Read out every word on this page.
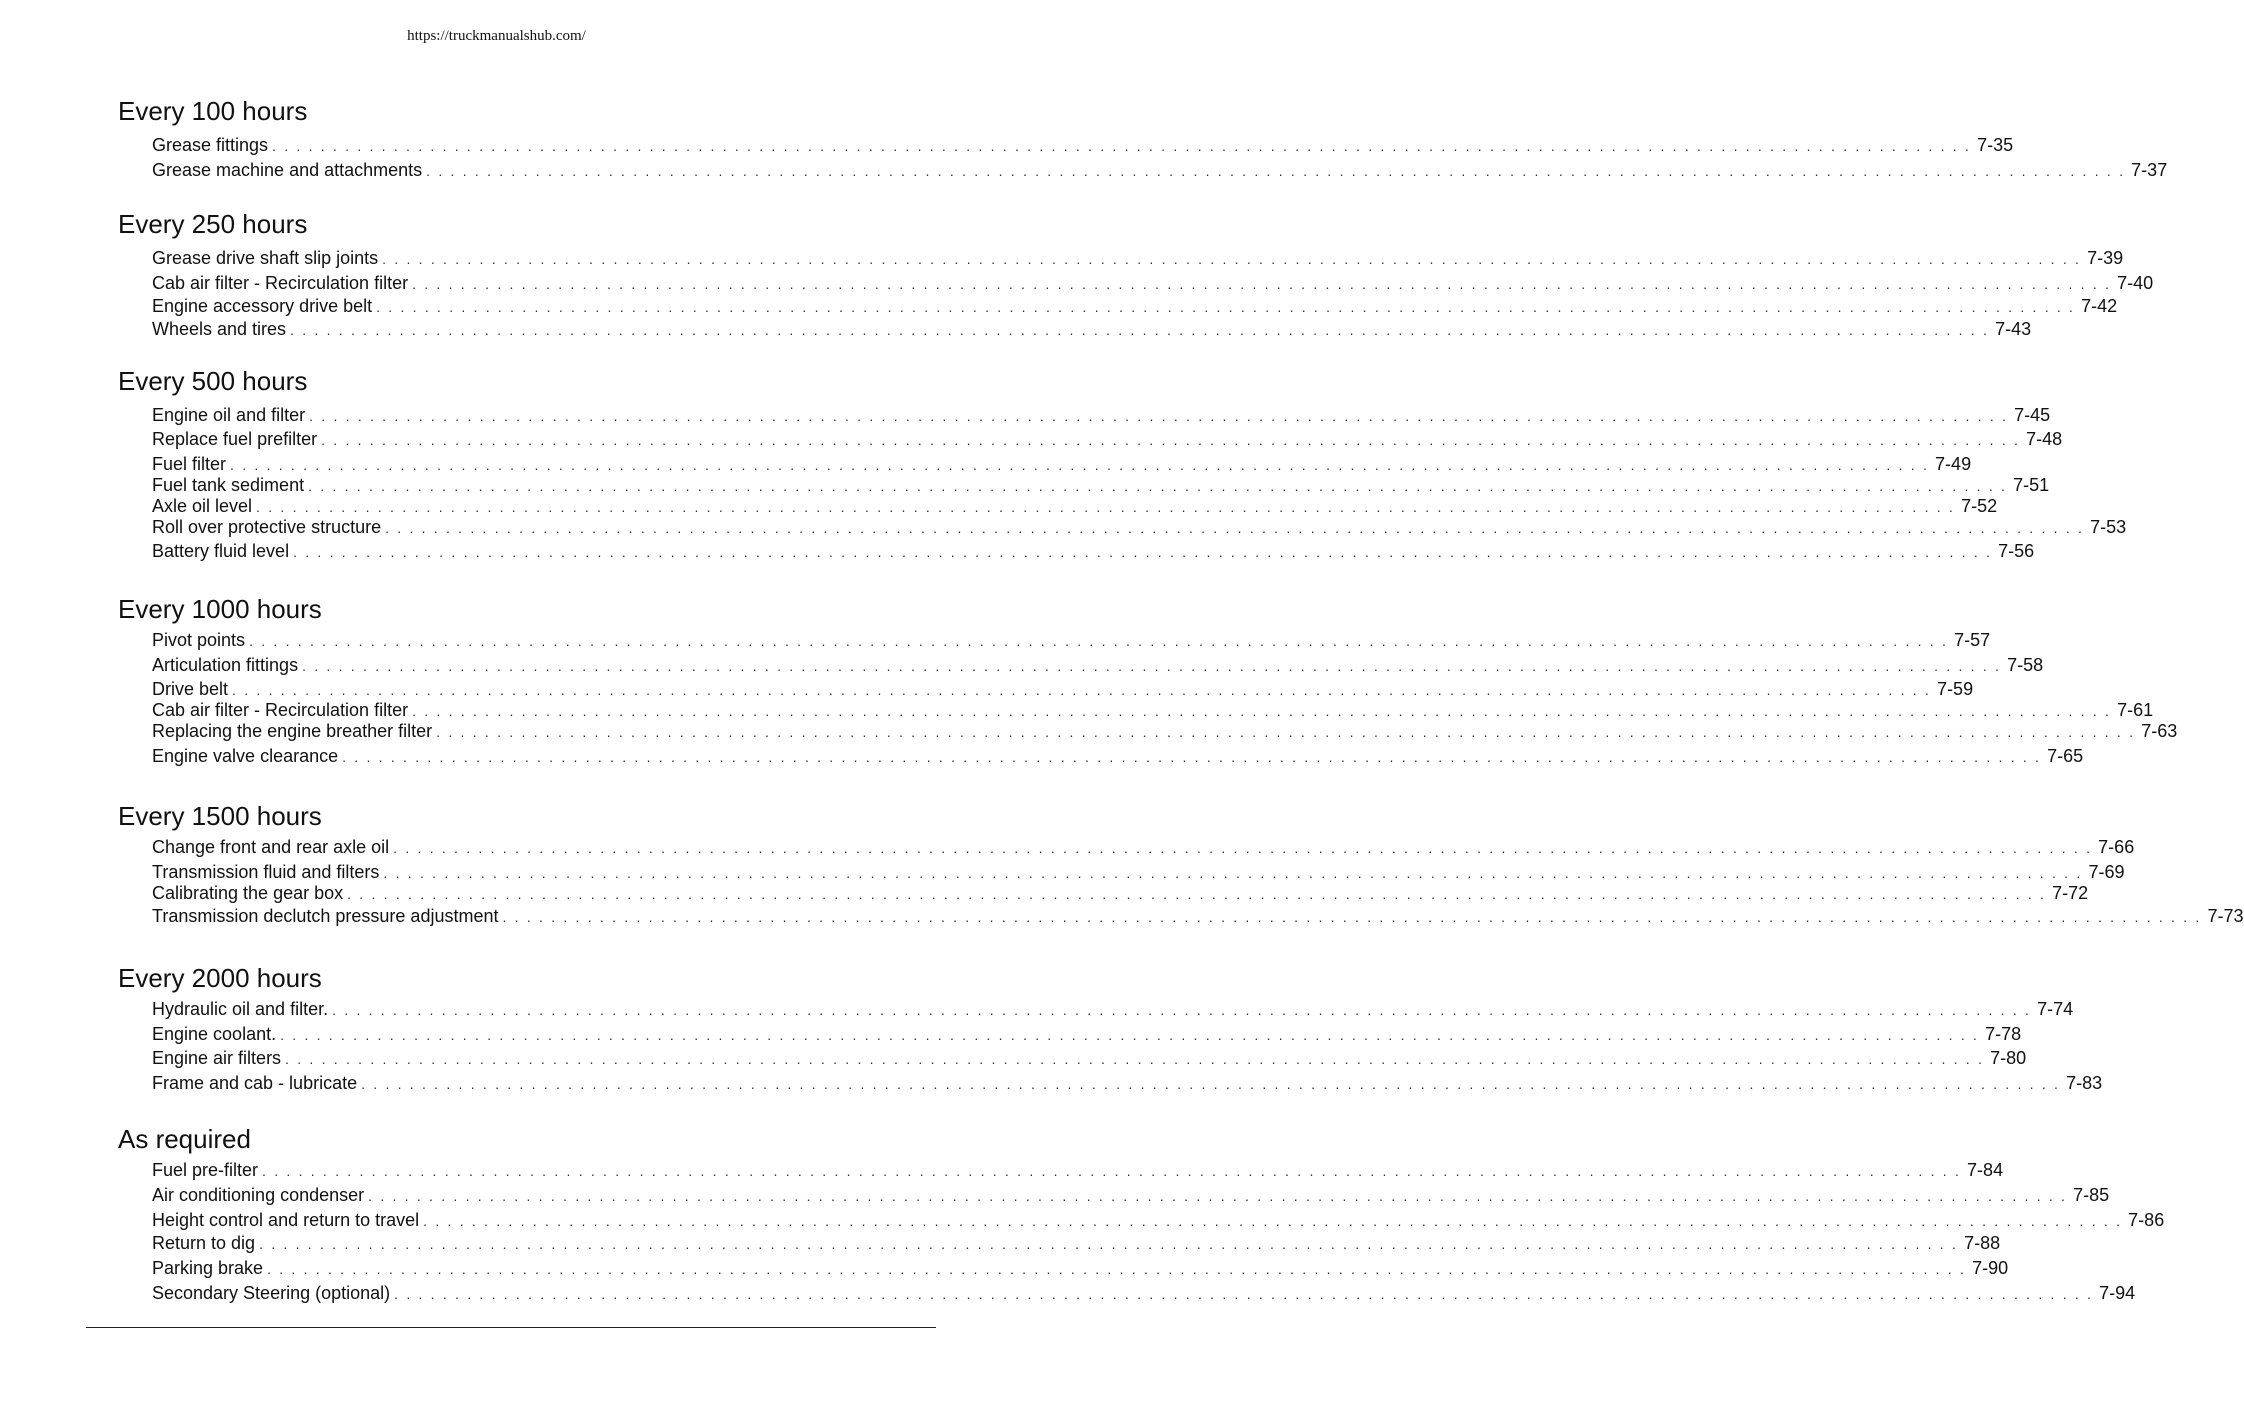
https://truckmanualshub.com/
Every 100 hours
Grease fittings . . . . . . . . . . . . . . . . . . . . . . . . . . . . . . . . . . . . . . . . . . . . . . . . . . . . . . . . . . . . . . . . . . . . . . . . . . . . . . . . . . . . . . . . . . . . . . . . . . . . . . . . . . . . . . . . . . . . . . . . . . . . . . . . . . . . . . . . . . . . 7-35
Grease machine and attachments . . . . . . . . . . . . . . . . . . . . . . . . . . . . . . . . . . . . . . . . . . . . . . . . . . . . . . . . . . . . . . . . . . . . . . . . . . . . . . . . . . . . . . . . . . . . . . . . . . . . . . . . . . . . . . . . . . . . . . . . . . . . . . . . . . . . . . . . . . . . 7-37
Every 250 hours
Grease drive shaft slip joints . . . . . . . . . . . . . . . . . . . . . . . . . . . . . . . . . . . . . . . . . . . . . . . . . . . . . . . . . . . . . . . . . . . . . . . . . . . . . . . . . . . . . . . . . . . . . . . . . . . . . . . . . . . . . . . . . . . . . . . . . . . . . . . . . . . . . . . . . . . . 7-39
Cab air filter - Recirculation filter . . . . . . . . . . . . . . . . . . . . . . . . . . . . . . . . . . . . . . . . . . . . . . . . . . . . . . . . . . . . . . . . . . . . . . . . . . . . . . . . . . . . . . . . . . . . . . . . . . . . . . . . . . . . . . . . . . . . . . . . . . . . . . . . . . . . . . . . . . . . 7-40
Engine accessory drive belt . . . . . . . . . . . . . . . . . . . . . . . . . . . . . . . . . . . . . . . . . . . . . . . . . . . . . . . . . . . . . . . . . . . . . . . . . . . . . . . . . . . . . . . . . . . . . . . . . . . . . . . . . . . . . . . . . . . . . . . . . . . . . . . . . . . . . . . . . . . . 7-42
Wheels and tires . . . . . . . . . . . . . . . . . . . . . . . . . . . . . . . . . . . . . . . . . . . . . . . . . . . . . . . . . . . . . . . . . . . . . . . . . . . . . . . . . . . . . . . . . . . . . . . . . . . . . . . . . . . . . . . . . . . . . . . . . . . . . . . . . . . . . . . . . . . . 7-43
Every 500 hours
Engine oil and filter . . . . . . . . . . . . . . . . . . . . . . . . . . . . . . . . . . . . . . . . . . . . . . . . . . . . . . . . . . . . . . . . . . . . . . . . . . . . . . . . . . . . . . . . . . . . . . . . . . . . . . . . . . . . . . . . . . . . . . . . . . . . . . . . . . . . . . . . . . . . 7-45
Replace fuel prefilter . . . . . . . . . . . . . . . . . . . . . . . . . . . . . . . . . . . . . . . . . . . . . . . . . . . . . . . . . . . . . . . . . . . . . . . . . . . . . . . . . . . . . . . . . . . . . . . . . . . . . . . . . . . . . . . . . . . . . . . . . . . . . . . . . . . . . . . . . . . . 7-48
Fuel filter . . . . . . . . . . . . . . . . . . . . . . . . . . . . . . . . . . . . . . . . . . . . . . . . . . . . . . . . . . . . . . . . . . . . . . . . . . . . . . . . . . . . . . . . . . . . . . . . . . . . . . . . . . . . . . . . . . . . . . . . . . . . . . . . . . . . . . . . . . . . 7-49
Fuel tank sediment . . . . . . . . . . . . . . . . . . . . . . . . . . . . . . . . . . . . . . . . . . . . . . . . . . . . . . . . . . . . . . . . . . . . . . . . . . . . . . . . . . . . . . . . . . . . . . . . . . . . . . . . . . . . . . . . . . . . . . . . . . . . . . . . . . . . . . . . . . . . 7-51
Axle oil level . . . . . . . . . . . . . . . . . . . . . . . . . . . . . . . . . . . . . . . . . . . . . . . . . . . . . . . . . . . . . . . . . . . . . . . . . . . . . . . . . . . . . . . . . . . . . . . . . . . . . . . . . . . . . . . . . . . . . . . . . . . . . . . . . . . . . . . . . . . . 7-52
Roll over protective structure . . . . . . . . . . . . . . . . . . . . . . . . . . . . . . . . . . . . . . . . . . . . . . . . . . . . . . . . . . . . . . . . . . . . . . . . . . . . . . . . . . . . . . . . . . . . . . . . . . . . . . . . . . . . . . . . . . . . . . . . . . . . . . . . . . . . . . . . . . . . 7-53
Battery fluid level . . . . . . . . . . . . . . . . . . . . . . . . . . . . . . . . . . . . . . . . . . . . . . . . . . . . . . . . . . . . . . . . . . . . . . . . . . . . . . . . . . . . . . . . . . . . . . . . . . . . . . . . . . . . . . . . . . . . . . . . . . . . . . . . . . . . . . . . . . . . 7-56
Every 1000 hours
Pivot points . . . . . . . . . . . . . . . . . . . . . . . . . . . . . . . . . . . . . . . . . . . . . . . . . . . . . . . . . . . . . . . . . . . . . . . . . . . . . . . . . . . . . . . . . . . . . . . . . . . . . . . . . . . . . . . . . . . . . . . . . . . . . . . . . . . . . . . . . . . . 7-57
Articulation fittings . . . . . . . . . . . . . . . . . . . . . . . . . . . . . . . . . . . . . . . . . . . . . . . . . . . . . . . . . . . . . . . . . . . . . . . . . . . . . . . . . . . . . . . . . . . . . . . . . . . . . . . . . . . . . . . . . . . . . . . . . . . . . . . . . . . . . . . . . . . . 7-58
Drive belt . . . . . . . . . . . . . . . . . . . . . . . . . . . . . . . . . . . . . . . . . . . . . . . . . . . . . . . . . . . . . . . . . . . . . . . . . . . . . . . . . . . . . . . . . . . . . . . . . . . . . . . . . . . . . . . . . . . . . . . . . . . . . . . . . . . . . . . . . . . . 7-59
Cab air filter - Recirculation filter . . . . . . . . . . . . . . . . . . . . . . . . . . . . . . . . . . . . . . . . . . . . . . . . . . . . . . . . . . . . . . . . . . . . . . . . . . . . . . . . . . . . . . . . . . . . . . . . . . . . . . . . . . . . . . . . . . . . . . . . . . . . . . . . . . . . . . . . . . . . 7-61
Replacing the engine breather filter . . . . . . . . . . . . . . . . . . . . . . . . . . . . . . . . . . . . . . . . . . . . . . . . . . . . . . . . . . . . . . . . . . . . . . . . . . . . . . . . . . . . . . . . . . . . . . . . . . . . . . . . . . . . . . . . . . . . . . . . . . . . . . . . . . . . . . . . . . . . 7-63
Engine valve clearance . . . . . . . . . . . . . . . . . . . . . . . . . . . . . . . . . . . . . . . . . . . . . . . . . . . . . . . . . . . . . . . . . . . . . . . . . . . . . . . . . . . . . . . . . . . . . . . . . . . . . . . . . . . . . . . . . . . . . . . . . . . . . . . . . . . . . . . . . . . . 7-65
Every 1500 hours
Change front and rear axle oil . . . . . . . . . . . . . . . . . . . . . . . . . . . . . . . . . . . . . . . . . . . . . . . . . . . . . . . . . . . . . . . . . . . . . . . . . . . . . . . . . . . . . . . . . . . . . . . . . . . . . . . . . . . . . . . . . . . . . . . . . . . . . . . . . . . . . . . . . . . . 7-66
Transmission fluid and filters . . . . . . . . . . . . . . . . . . . . . . . . . . . . . . . . . . . . . . . . . . . . . . . . . . . . . . . . . . . . . . . . . . . . . . . . . . . . . . . . . . . . . . . . . . . . . . . . . . . . . . . . . . . . . . . . . . . . . . . . . . . . . . . . . . . . . . . . . . . . 7-69
Calibrating the gear box . . . . . . . . . . . . . . . . . . . . . . . . . . . . . . . . . . . . . . . . . . . . . . . . . . . . . . . . . . . . . . . . . . . . . . . . . . . . . . . . . . . . . . . . . . . . . . . . . . . . . . . . . . . . . . . . . . . . . . . . . . . . . . . . . . . . . . . . . . . . 7-72
Transmission declutch pressure adjustment . . . . . . . . . . . . . . . . . . . . . . . . . . . . . . . . . . . . . . . . . . . . . . . . . . . . . . . . . . . . . . . . . . . . . . . . . . . . . . . . . . . . . . . . . . . . . . . . . . . . . . . . . . . . . . . . . . . . . . . . . . . . . . . . . . . . . . . . . . . . 7-73
Every 2000 hours
Hydraulic oil and filter. . . . . . . . . . . . . . . . . . . . . . . . . . . . . . . . . . . . . . . . . . . . . . . . . . . . . . . . . . . . . . . . . . . . . . . . . . . . . . . . . . . . . . . . . . . . . . . . . . . . . . . . . . . . . . . . . . . . . . . . . . . . . . . . . . . . . . . . . . . . . 7-74
Engine coolant. . . . . . . . . . . . . . . . . . . . . . . . . . . . . . . . . . . . . . . . . . . . . . . . . . . . . . . . . . . . . . . . . . . . . . . . . . . . . . . . . . . . . . . . . . . . . . . . . . . . . . . . . . . . . . . . . . . . . . . . . . . . . . . . . . . . . . . . . . . . . 7-78
Engine air filters . . . . . . . . . . . . . . . . . . . . . . . . . . . . . . . . . . . . . . . . . . . . . . . . . . . . . . . . . . . . . . . . . . . . . . . . . . . . . . . . . . . . . . . . . . . . . . . . . . . . . . . . . . . . . . . . . . . . . . . . . . . . . . . . . . . . . . . . . . . . 7-80
Frame and cab - lubricate . . . . . . . . . . . . . . . . . . . . . . . . . . . . . . . . . . . . . . . . . . . . . . . . . . . . . . . . . . . . . . . . . . . . . . . . . . . . . . . . . . . . . . . . . . . . . . . . . . . . . . . . . . . . . . . . . . . . . . . . . . . . . . . . . . . . . . . . . . . . 7-83
As required
Fuel pre-filter . . . . . . . . . . . . . . . . . . . . . . . . . . . . . . . . . . . . . . . . . . . . . . . . . . . . . . . . . . . . . . . . . . . . . . . . . . . . . . . . . . . . . . . . . . . . . . . . . . . . . . . . . . . . . . . . . . . . . . . . . . . . . . . . . . . . . . . . . . . . 7-84
Air conditioning condenser . . . . . . . . . . . . . . . . . . . . . . . . . . . . . . . . . . . . . . . . . . . . . . . . . . . . . . . . . . . . . . . . . . . . . . . . . . . . . . . . . . . . . . . . . . . . . . . . . . . . . . . . . . . . . . . . . . . . . . . . . . . . . . . . . . . . . . . . . . . . 7-85
Height control and return to travel . . . . . . . . . . . . . . . . . . . . . . . . . . . . . . . . . . . . . . . . . . . . . . . . . . . . . . . . . . . . . . . . . . . . . . . . . . . . . . . . . . . . . . . . . . . . . . . . . . . . . . . . . . . . . . . . . . . . . . . . . . . . . . . . . . . . . . . . . . . . 7-86
Return to dig . . . . . . . . . . . . . . . . . . . . . . . . . . . . . . . . . . . . . . . . . . . . . . . . . . . . . . . . . . . . . . . . . . . . . . . . . . . . . . . . . . . . . . . . . . . . . . . . . . . . . . . . . . . . . . . . . . . . . . . . . . . . . . . . . . . . . . . . . . . . 7-88
Parking brake . . . . . . . . . . . . . . . . . . . . . . . . . . . . . . . . . . . . . . . . . . . . . . . . . . . . . . . . . . . . . . . . . . . . . . . . . . . . . . . . . . . . . . . . . . . . . . . . . . . . . . . . . . . . . . . . . . . . . . . . . . . . . . . . . . . . . . . . . . . . 7-90
Secondary Steering (optional) . . . . . . . . . . . . . . . . . . . . . . . . . . . . . . . . . . . . . . . . . . . . . . . . . . . . . . . . . . . . . . . . . . . . . . . . . . . . . . . . . . . . . . . . . . . . . . . . . . . . . . . . . . . . . . . . . . . . . . . . . . . . . . . . . . . . . . . . . . . . 7-94
